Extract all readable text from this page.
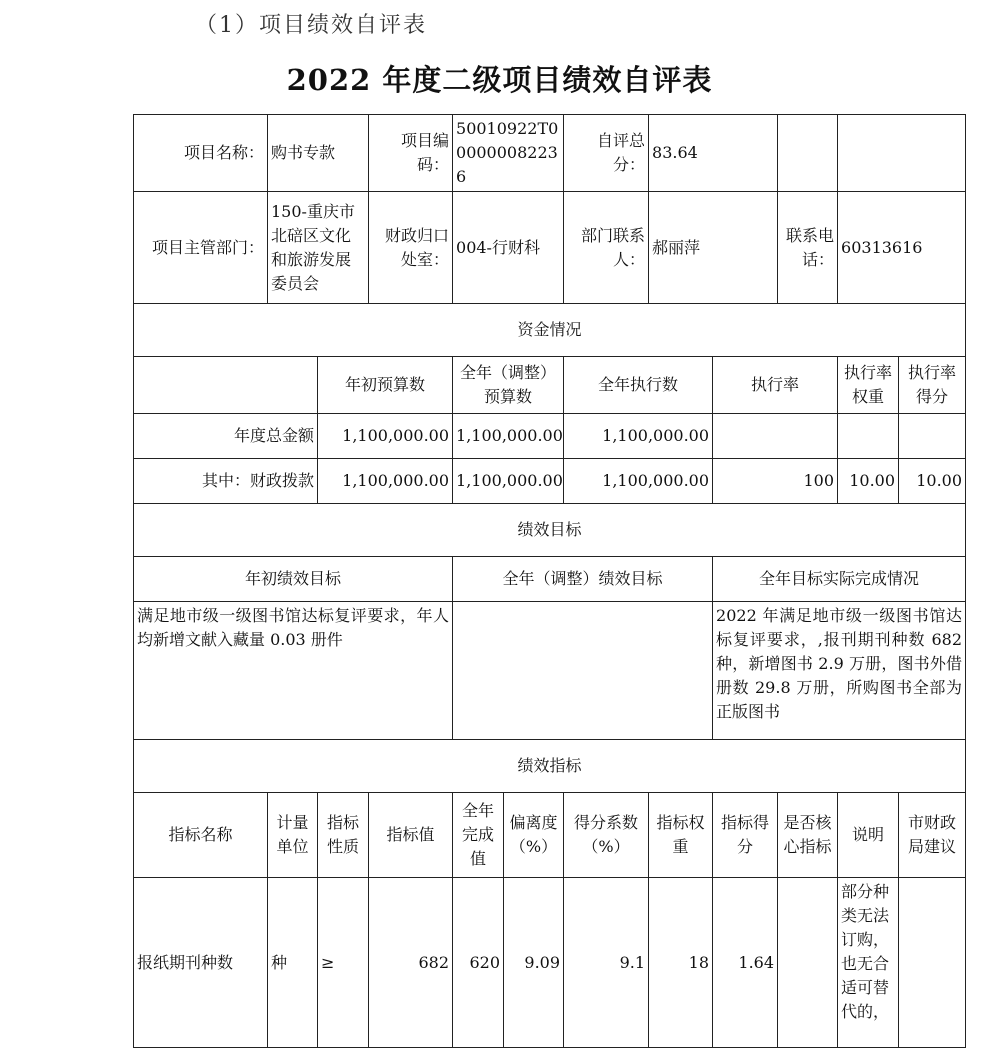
（1）项目绩效自评表
2022 年度二级项目绩效自评表
项目名称：	购书专款		项目编码：	50010922T000000082236		自评总分：	83.64				
项目主管部门：	150-重庆市北碚区文化和旅游发展委员会		财政归口处室：	004-行财科		部门联系人：	郝丽萍		联系电话：	60313616	
资金情况											
		年初预算数		全年（调整）预算数		全年执行数		执行率		执行率权重	执行率得分
年度总金额		1,100,000.00		1,100,000.00		1,100,000.00					
其中：财政拨款		1,100,000.00		1,100,000.00		1,100,000.00		100		10.00	10.00
绩效目标											
年初绩效目标				全年（调整）绩效目标				全年目标实际完成情况			
满足地市级一级图书馆达标复评要求，年人均新增文献入藏量 0.03 册件								2022 年满足地市级一级图书馆达标复评要求，,报刊期刊种数 682 种，新增图书 2.9 万册，图书外借册数 29.8 万册，所购图书全部为正版图书			
绩效指标											
指标名称	计量单位	指标性质	指标值	全年完成值	偏离度（%）	得分系数（%）	指标权重	指标得分	是否核心指标	说明	市财政局建议
报纸期刊种数	种	≥	682	620	9.09	9.1	18	1.64		部分种类无法订购，也无合适可替代的，	
